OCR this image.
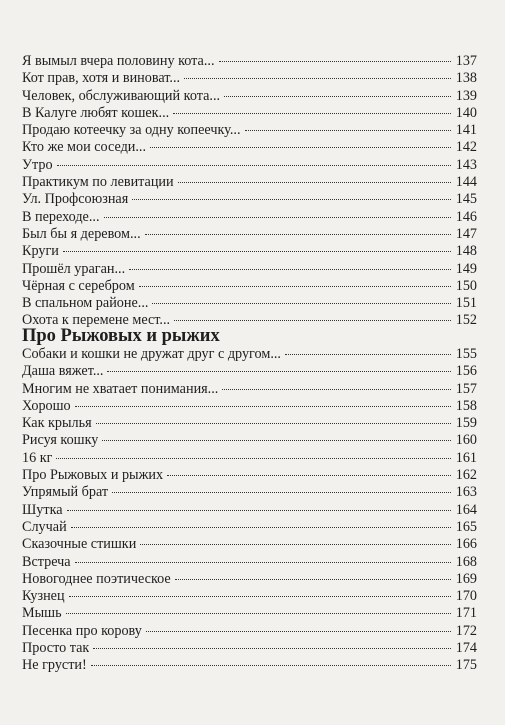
Я вымыл вчера половину кота...	137
Кот прав, хотя и виноват...	138
Человек, обслуживающий кота...	139
В Калуге любят кошек...	140
Продаю котеечку за одну копеечку...	141
Кто же мои соседи...	142
Утро	143
Практикум по левитации	144
Ул. Профсоюзная	145
В переходе...	146
Был бы я деревом...	147
Круги	148
Прошёл ураган...	149
Чёрная с серебром	150
В спальном районе...	151
Охота к перемене мест...	152
Про Рыжовых и рыжих
Собаки и кошки не дружат друг с другом...	155
Даша вяжет...	156
Многим не хватает понимания...	157
Хорошо	158
Как крылья	159
Рисуя кошку	160
16 кг	161
Про Рыжовых и рыжих	162
Упрямый брат	163
Шутка	164
Случай	165
Сказочные стишки	166
Встреча	168
Новогоднее поэтическое	169
Кузнец	170
Мышь	171
Песенка про корову	172
Просто так	174
Не грусти!	175
